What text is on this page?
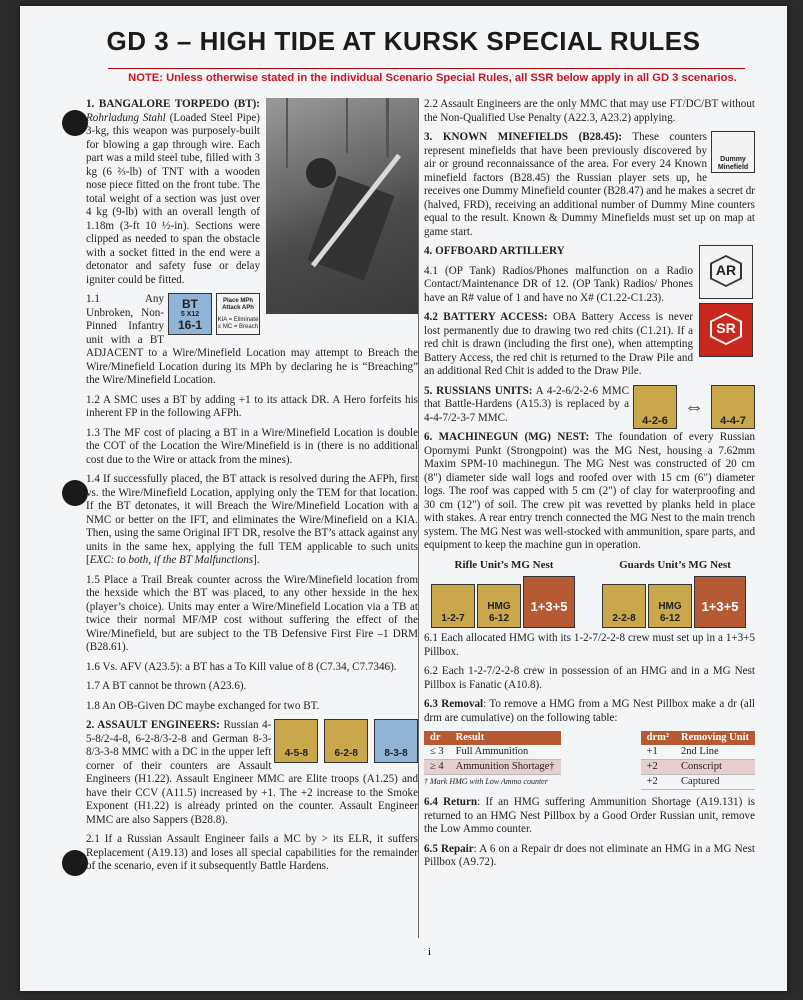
GD 3 – HIGH TIDE AT KURSK SPECIAL RULES
NOTE: Unless otherwise stated in the individual Scenario Special Rules, all SSR below apply in all GD 3 scenarios.

1. BANGALORE TORPEDO (BT): Rohrladung Stahl (Loaded Steel Pipe) 3-kg, this weapon was purposely-built for blowing a gap through wire. Each part was a mild steel tube, filled with 3 kg (6 ⅔-lb) of TNT with a wooden nose piece fitted on the front tube. The total weight of a section was just over 4 kg (9-lb) with an overall length of 1.18m (3-ft 10 ½-in). Sections were clipped as needed to span the obstacle with a socket fitted in the end were a detonator and safety fuse or delay igniter could be fitted.

Place MPh
Attack APh
KIA = Eliminate
≤ MC = Breach
BT
5 X12
16-1

1.1 Any Unbroken, Non-Pinned Infantry unit with a BT ADJACENT to a Wire/Minefield Location may attempt to Breach the Wire/Minefield Location during its MPh by declaring he is “Breaching” the Wire/Minefield Location.

1.2 A SMC uses a BT by adding +1 to its attack DR. A Hero forfeits his inherent FP in the following AFPh.

1.3 The MF cost of placing a BT in a Wire/Minefield Location is double the COT of the Location the Wire/Minefield is in (there is no additional cost due to the Wire or attack from the mines).

1.4 If successfully placed, the BT attack is resolved during the AFPh, first vs. the Wire/Minefield Location, applying only the TEM for that location. If the BT detonates, it will Breach the Wire/Minefield Location with a NMC or better on the IFT, and eliminates the Wire/Minefield on a KIA. Then, using the same Original IFT DR, resolve the BT’s attack against any units in the same hex, applying the full TEM applicable to such units [EXC: to both, if the BT Malfunctions].

1.5 Place a Trail Break counter across the Wire/Minefield location from the hexside which the BT was placed, to any other hexside in the hex (player’s choice). Units may enter a Wire/Minefield Location via a TB at twice their normal MF/MP cost without suffering the effect of the Wire/Minefield, but are subject to the TB Defensive First Fire –1 DRM (B28.61).

1.6 Vs. AFV (A23.5): a BT has a To Kill value of 8 (C7.34, C7.7346).

1.7 A BT cannot be thrown (A23.6).

1.8 An OB-Given DC maybe exchanged for two BT.

4-5-8	6-2-8	8-3-8

2. ASSAULT ENGINEERS: Russian 4-5-8/2-4-8, 6-2-8/3-2-8 and German 8-3-8/3-3-8 MMC with a DC in the upper left corner of their counters are Assault Engineers (H1.22). Assault Engineer MMC are Elite troops (A1.25) and have their CCV (A11.5) increased by +1. The +2 increase to the Smoke Exponent (H1.22) is already printed on the counter. Assault Engineer MMC are also Sappers (B28.8).

2.1 If a Russian Assault Engineer fails a MC by > its ELR, it suffers Replacement (A19.13) and loses all special capabilities for the remainder of the scenario, even if it subsequently Battle Hardens.

2.2 Assault Engineers are the only MMC that may use FT/DC/BT without the Non-Qualified Use Penalty (A22.3, A23.2) applying.

Dummy Minefield

3. KNOWN MINEFIELDS (B28.45): These counters represent minefields that have been previously discovered by air or ground reconnaissance of the area. For every 24 Known minefield factors (B28.45) the Russian player sets up, he receives one Dummy Minefield counter (B28.47) and he makes a secret dr (halved, FRD), receiving an additional number of Dummy Mine counters equal to the result. Known & Dummy Minefields must set up on map at game start.

AR
SR

4. OFFBOARD ARTILLERY

4.1 (OP Tank) Radios/Phones malfunction on a Radio Contact/Maintenance DR of 12. (OP Tank) Radios/ Phones have an R# value of 1 and have no X# (C1.22-C1.23).

4.2 BATTERY ACCESS: OBA Battery Access is never lost permanently due to drawing two red chits (C1.21). If a red chit is drawn (including the first one), when attempting Battery Access, the red chit is returned to the Draw Pile and an additional Red Chit is added to the Draw Pile.

4-2-6⇔4-4-7

5. RUSSIANS UNITS: A 4-2-6/2-2-6 MMC that Battle-Hardens (A15.3) is replaced by a 4-4-7/2-3-7 MMC.

6. MACHINEGUN (MG) NEST: The foundation of every Russian Opornymi Punkt (Strongpoint) was the MG Nest, housing a 7.62mm Maxim SPM-10 machinegun. The MG Nest was constructed of 20 cm (8") diameter side wall logs and roofed over with 15 cm (6") diameter logs. The roof was capped with 5 cm (2") of clay for waterproofing and 30 cm (12") of soil. The crew pit was revetted by planks held in place with stakes. A rear entry trench connected the MG Nest to the main trench system. The MG Nest was well-stocked with ammunition, spare parts, and equipment to keep the machine gun in operation.

Rifle Unit’s MG Nest
1-2-7
HMG
6-12
1+3+5
Guards Unit’s MG Nest
2-2-8
HMG
6-12
1+3+5

6.1 Each allocated HMG with its 1-2-7/2-2-8 crew must set up in a 1+3+5 Pillbox.

6.2 Each 1-2-7/2-2-8 crew in possession of an HMG and in a MG Nest Pillbox is Fanatic (A10.8).

6.3 Removal: To remove a HMG from a MG Nest Pillbox make a dr (all drm are cumulative) on the following table:

dr	Result
≤ 3	Full Ammunition
≥ 4	Ammunition Shortage†
† Mark HMG with Low Ammo counter
drm²	Removing Unit
+1	2nd Line
+2	Conscript
+2	Captured

6.4 Return: If an HMG suffering Ammunition Shortage (A19.131) is returned to an HMG Nest Pillbox by a Good Order Russian unit, remove the Low Ammo counter.

6.5 Repair: A 6 on a Repair dr does not eliminate an HMG in a MG Nest Pillbox (A9.72).

i
